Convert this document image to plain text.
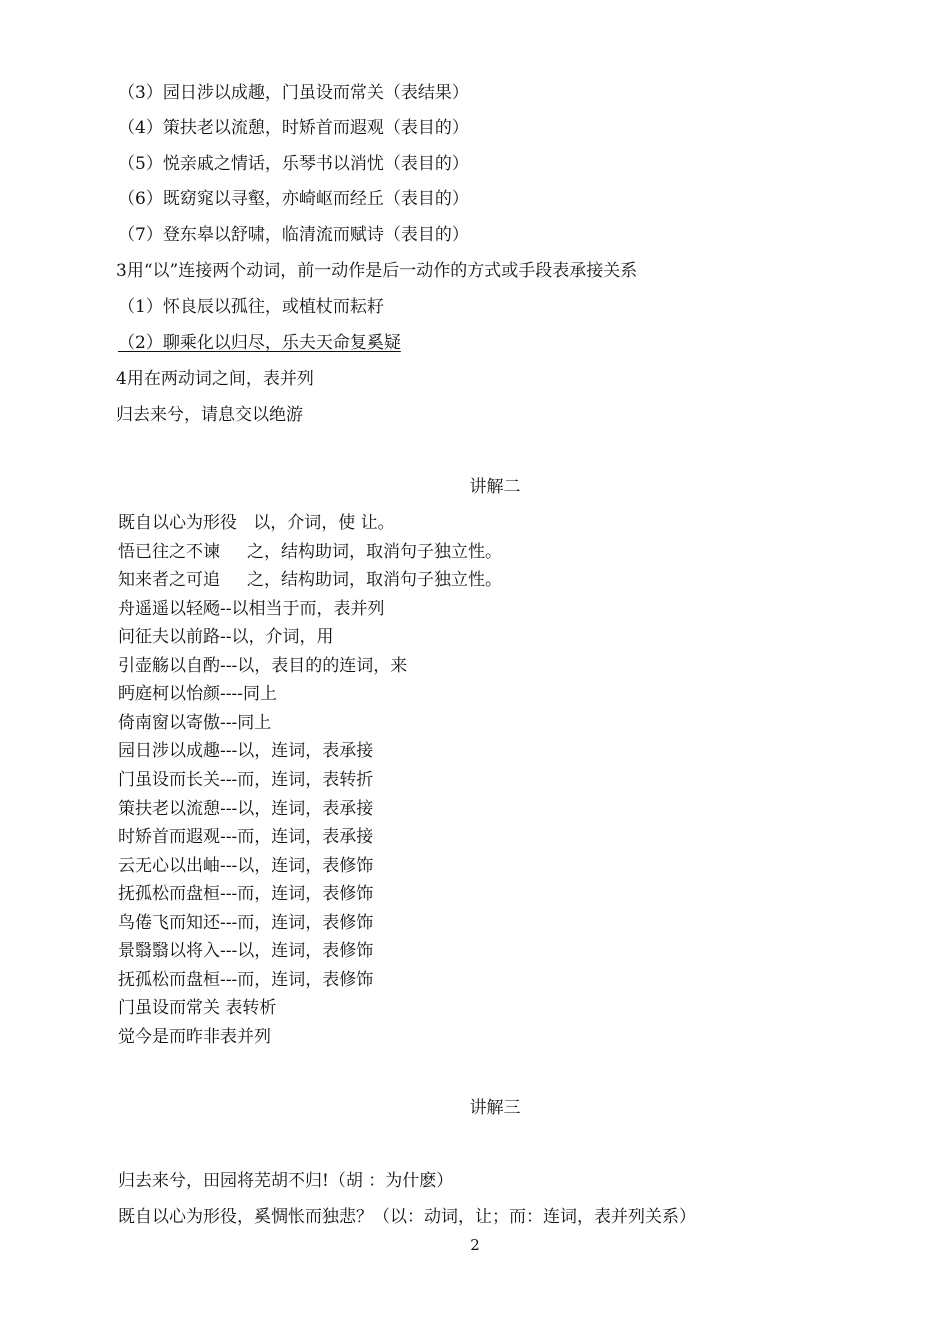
（3）园日涉以成趣，门虽设而常关（表结果）
（4）策扶老以流憩，时矫首而遐观（表目的）
（5）悦亲戚之情话，乐琴书以消忧（表目的）
（6）既窈窕以寻壑，亦崎岖而经丘（表目的）
（7）登东皋以舒啸，临清流而赋诗（表目的）
3用“以”连接两个动词，前一动作是后一动作的方式或手段表承接关系
（1）怀良辰以孤往，或植杖而耘耔
（2）聊乘化以归尽，乐夫天命复奚疑
4用在两动词之间，表并列
归去来兮，请息交以绝游
讲解二
既自以心为形役   以，介词，使 让。
悟已往之不谏     之，结构助词，取消句子独立性。
知来者之可追     之，结构助词，取消句子独立性。
舟遥遥以轻飏--以相当于而，表并列
问征夫以前路--以，介词，用
引壶觞以自酌---以，表目的的连词，来
眄庭柯以怡颜----同上
倚南窗以寄傲---同上
园日涉以成趣---以，连词，表承接
门虽设而长关---而，连词，表转折
策扶老以流憩---以，连词，表承接
时矫首而遐观---而，连词，表承接
云无心以出岫---以，连词，表修饰
抚孤松而盘桓---而，连词，表修饰
鸟倦飞而知还---而，连词，表修饰
景翳翳以将入---以，连词，表修饰
抚孤松而盘桓---而，连词，表修饰
门虽设而常关 表转析
觉今是而昨非表并列
讲解三
归去来兮，田园将芜胡不归!（胡 ：为什麽）
既自以心为形役，奚惆怅而独悲？（以：动词，让；而：连词，表并列关系）
2
